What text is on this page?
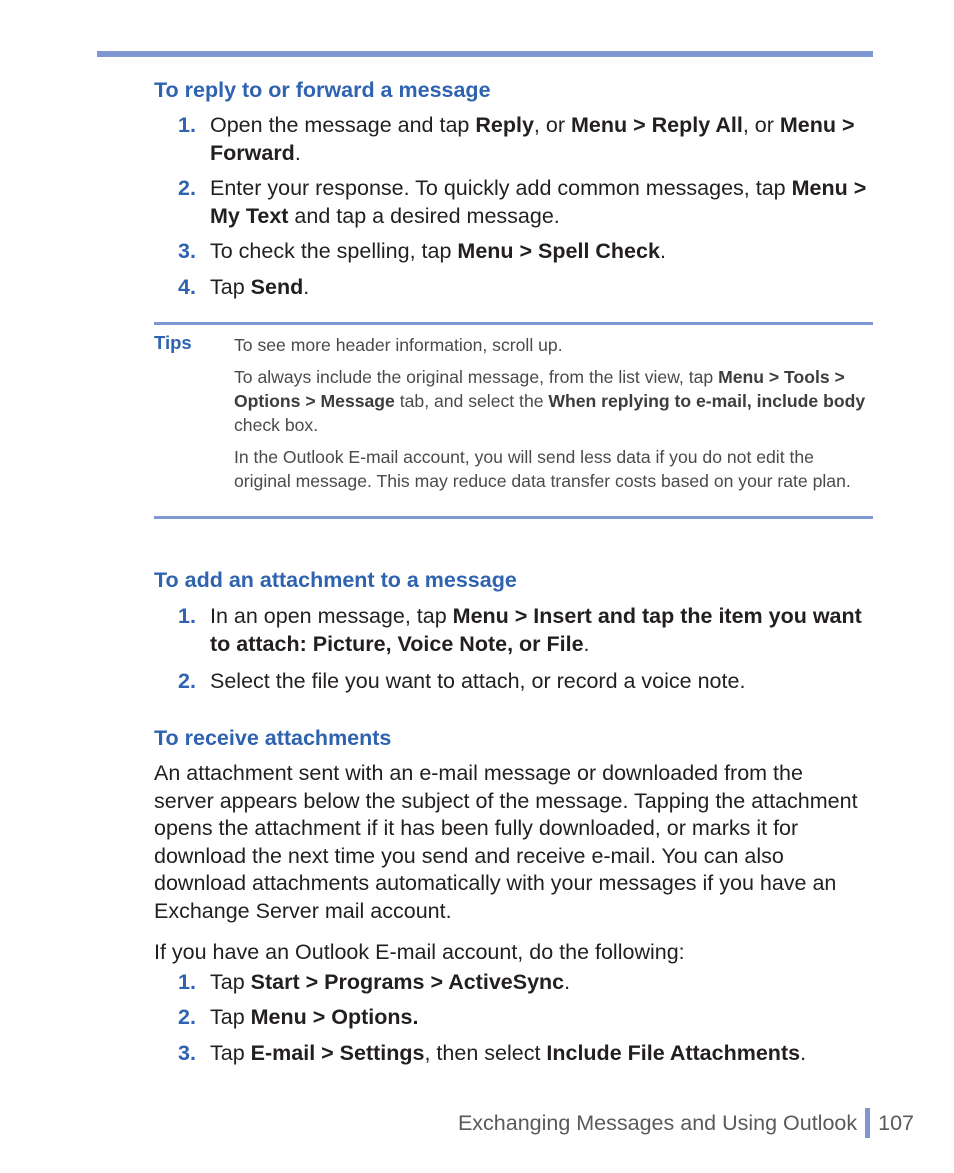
To reply to or forward a message
1. Open the message and tap Reply, or Menu > Reply All, or Menu > Forward.
2. Enter your response. To quickly add common messages, tap Menu > My Text and tap a desired message.
3. To check the spelling, tap Menu > Spell Check.
4. Tap Send.
Tips To see more header information, scroll up.

To always include the original message, from the list view, tap Menu > Tools > Options > Message tab, and select the When replying to e-mail, include body check box.

In the Outlook E-mail account, you will send less data if you do not edit the original message. This may reduce data transfer costs based on your rate plan.

To add an attachment to a message
1. In an open message, tap Menu > Insert and tap the item you want to attach: Picture, Voice Note, or File.
2. Select the file you want to attach, or record a voice note.
To receive attachments

An attachment sent with an e-mail message or downloaded from the server appears below the subject of the message. Tapping the attachment opens the attachment if it has been fully downloaded, or marks it for download the next time you send and receive e-mail. You can also download attachments automatically with your messages if you have an Exchange Server mail account.

If you have an Outlook E-mail account, do the following:

1. Tap Start > Programs > ActiveSync.
2. Tap Menu > Options.
3. Tap E-mail > Settings, then select Include File Attachments.
Exchanging Messages and Using Outlook 107
